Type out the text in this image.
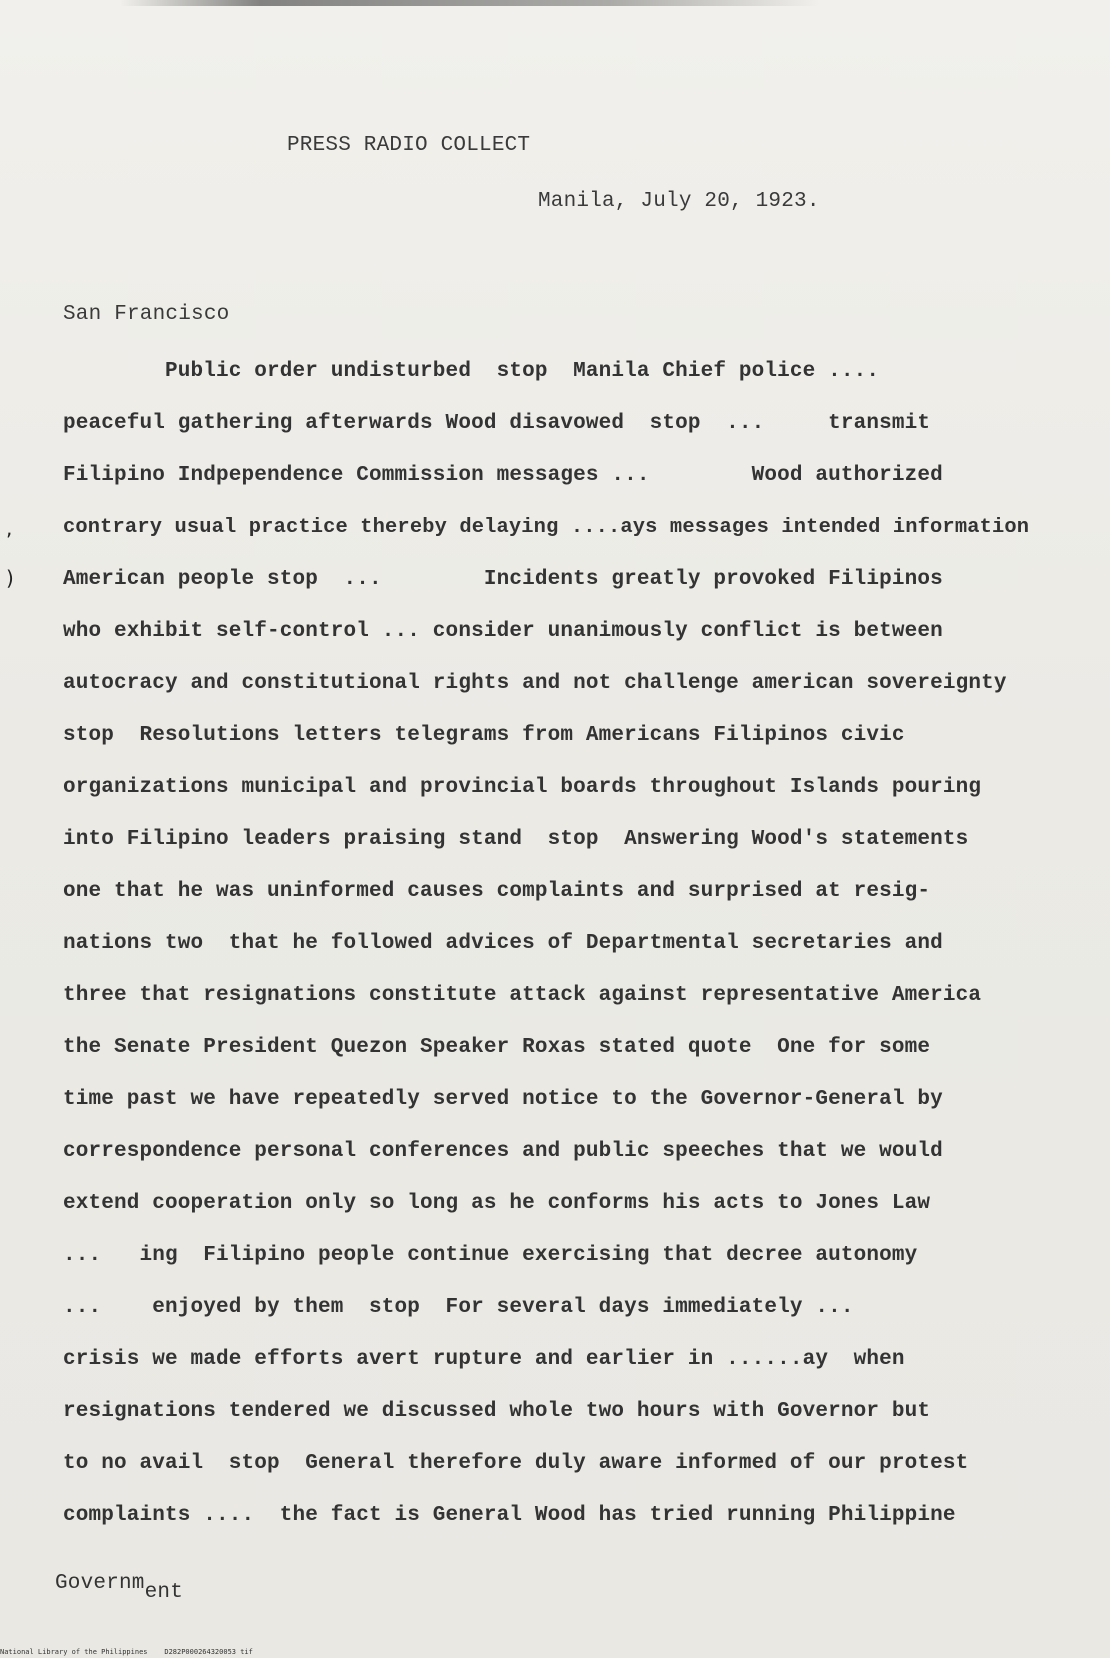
PRESS RADIO COLLECT
Manila, July 20, 1923.
San Francisco
Public order undisturbed  stop  Manila Chief police ....
peaceful gathering afterwards Wood disavowed  stop  ...     transmit
Filipino Indpependence Commission messages ...        Wood authorized
contrary usual practice thereby delaying ....ays messages intended information
American people stop  ...        Incidents greatly provoked Filipinos
who exhibit self-control ... consider unanimously conflict is between
autocracy and constitutional rights and not challenge american sovereignty
stop  Resolutions letters telegrams from Americans Filipinos civic
organizations municipal and provincial boards throughout Islands pouring
into Filipino leaders praising stand  stop  Answering Wood's statements
one that he was uninformed causes complaints and surprised at resig-
nations two  that he followed advices of Departmental secretaries and
three that resignations constitute attack against representative America
the Senate President Quezon Speaker Roxas stated quote  One for some
time past we have repeatedly served notice to the Governor-General by
correspondence personal conferences and public speeches that we would
extend cooperation only so long as he conforms his acts to Jones Law
...   ing  Filipino people continue exercising that decree autonomy
...    enjoyed by them  stop  For several days immediately ...
crisis we made efforts avert rupture and earlier in ......ay  when
resignations tendered we discussed whole two hours with Governor but
to no avail  stop  General therefore duly aware informed of our protest
complaints ....  the fact is General Wood has tried running Philippine
Government
,
)
National Library of the Philippines    D282P000264320053 tif
